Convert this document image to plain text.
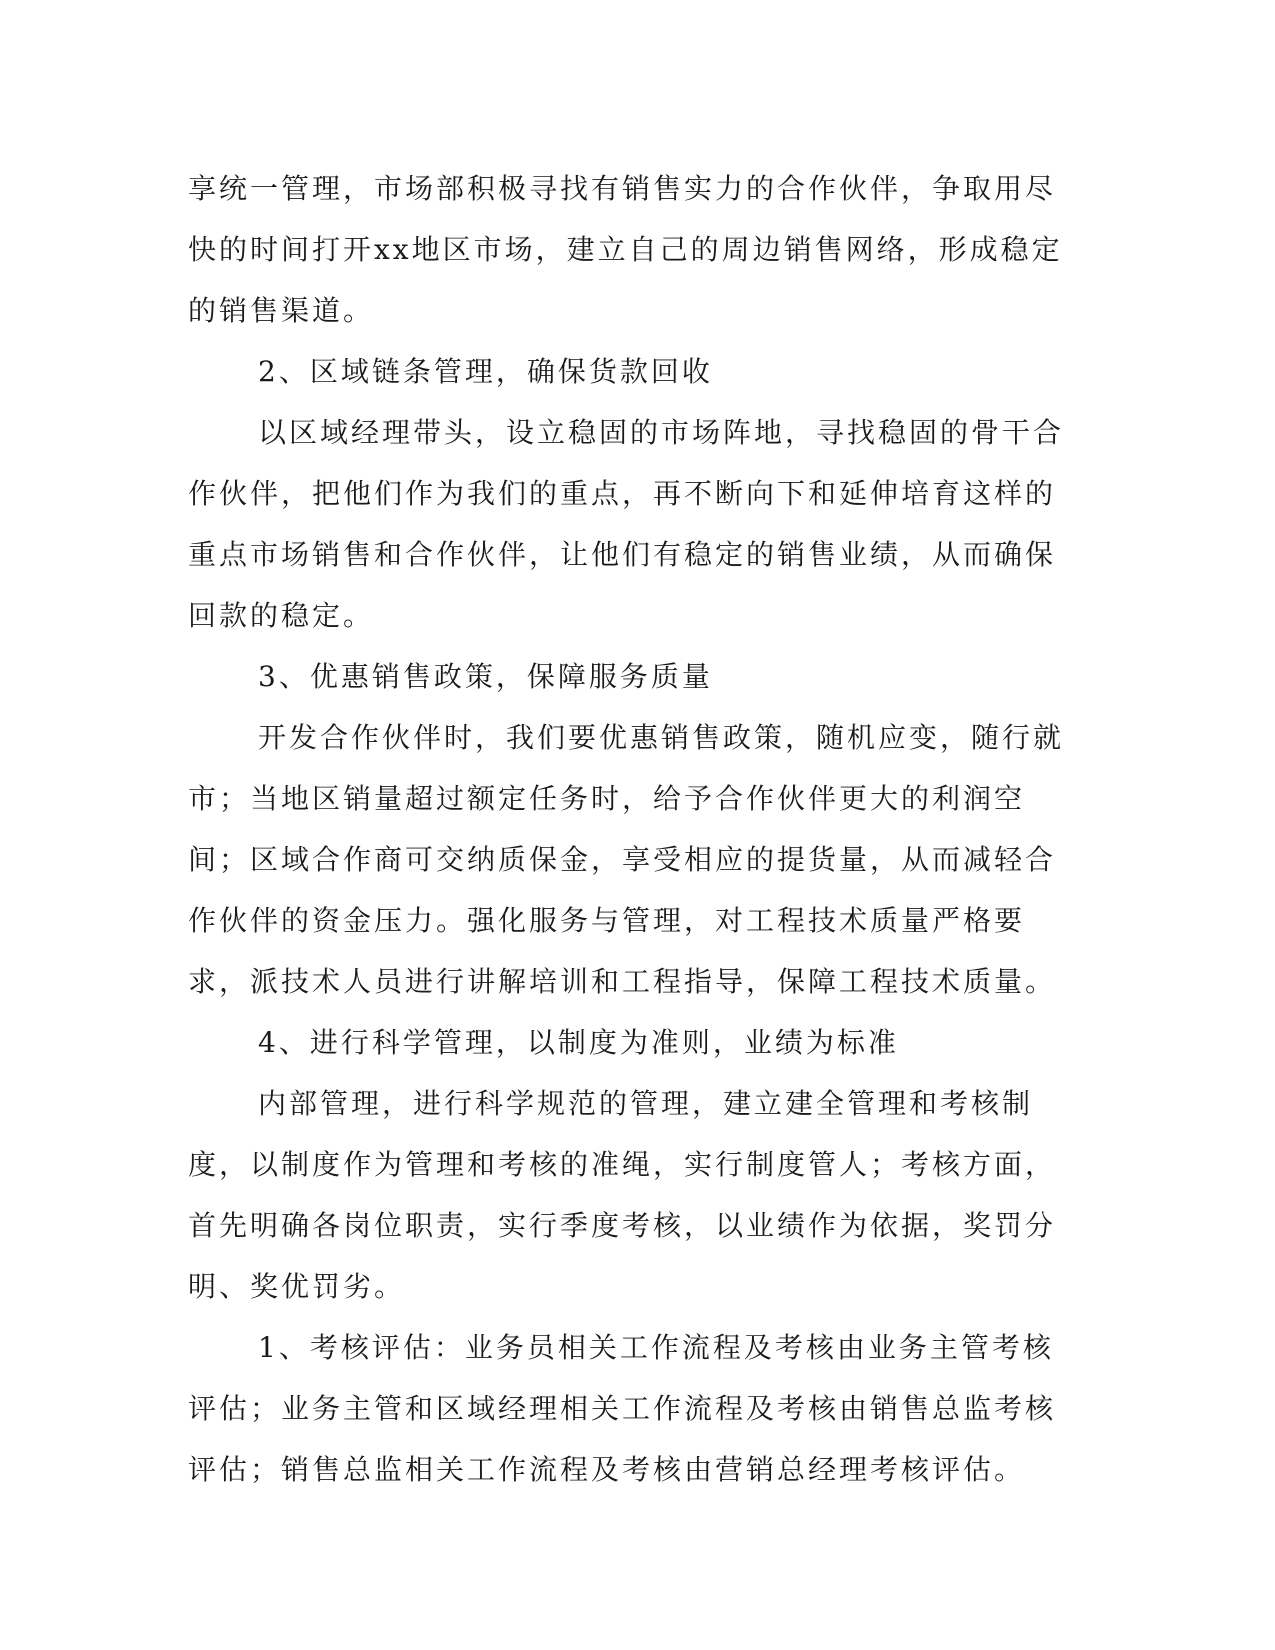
享统一管理，市场部积极寻找有销售实力的合作伙伴，争取用尽快的时间打开xx地区市场，建立自己的周边销售网络，形成稳定的销售渠道。

2、区域链条管理，确保货款回收

以区域经理带头，设立稳固的市场阵地，寻找稳固的骨干合作伙伴，把他们作为我们的重点，再不断向下和延伸培育这样的重点市场销售和合作伙伴，让他们有稳定的销售业绩，从而确保回款的稳定。

3、优惠销售政策，保障服务质量

开发合作伙伴时，我们要优惠销售政策，随机应变，随行就市；当地区销量超过额定任务时，给予合作伙伴更大的利润空间；区域合作商可交纳质保金，享受相应的提货量，从而减轻合作伙伴的资金压力。强化服务与管理，对工程技术质量严格要求，派技术人员进行讲解培训和工程指导，保障工程技术质量。

4、进行科学管理，以制度为准则，业绩为标准

内部管理，进行科学规范的管理，建立建全管理和考核制度，以制度作为管理和考核的准绳，实行制度管人；考核方面，首先明确各岗位职责，实行季度考核，以业绩作为依据，奖罚分明、奖优罚劣。

1、考核评估：业务员相关工作流程及考核由业务主管考核评估；业务主管和区域经理相关工作流程及考核由销售总监考核评估；销售总监相关工作流程及考核由营销总经理考核评估。
